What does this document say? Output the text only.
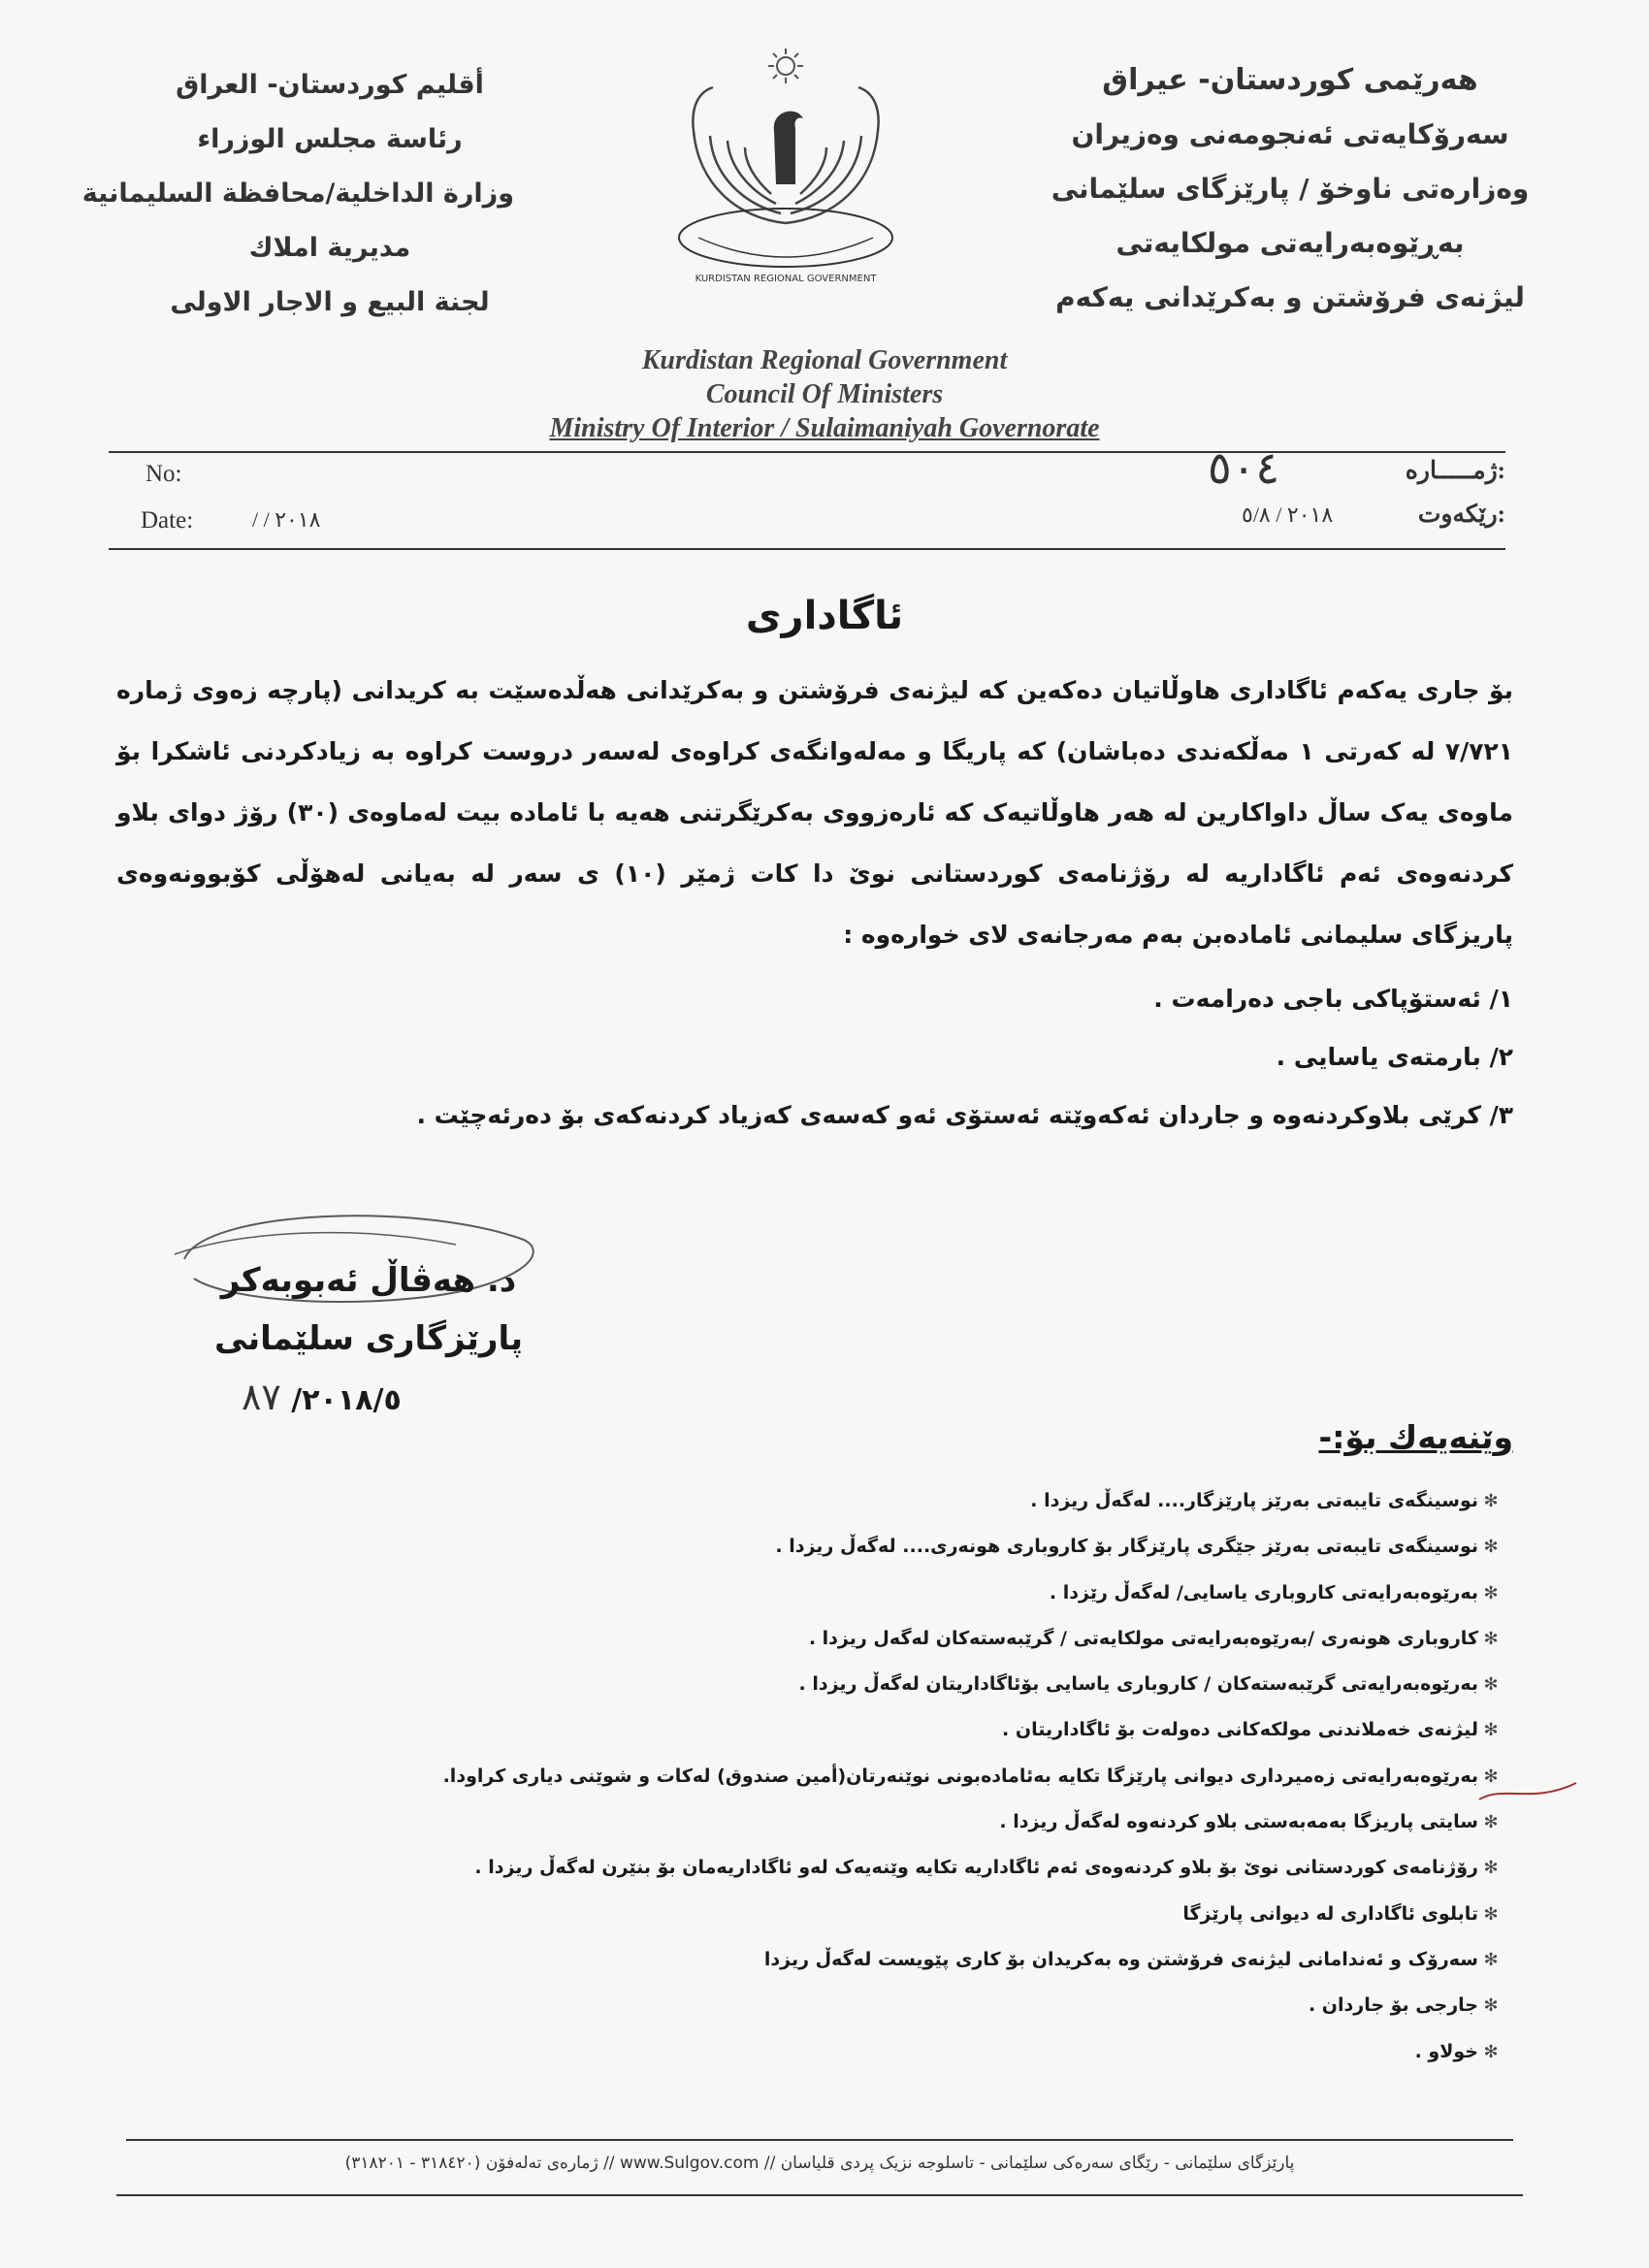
أقليم كوردستان- العراق
رئاسة مجلس الوزراء
وزارة الداخلية/محافظة السليمانية
مديرية املاك
لجنة البيع و الاجار الاولى
KURDISTAN REGIONAL GOVERNMENT
هەرێمی کوردستان- عیراق
سەرۆکایەتی ئەنجومەنی وەزیران
وەزارەتی ناوخۆ / پارێزگای سلێمانی
بەڕێوەبەرایەتی مولکایەتی
لیژنەی فرۆشتن و بەکرێدانی یەکەم
Kurdistan Regional Government
Council Of Ministers
Ministry Of Interior / Sulaimaniyah Governorate
No:
Date:	/ / ٢٠١٨
:ژمـــــارە
٥٠٤
:رێکەوت
٢٠١٨ / ٥/٨
ئاگاداری
بۆ جاری یەکەم ئاگاداری هاوڵاتیان دەکەین کە لیژنەی فرۆشتن و بەکرێدانی هەڵدەسێت بە کریدانی (پارچە زەوی ژمارە ٧/٧٢١ لە کەرتی ١ مەڵکەندی دەباشان) کە پاریگا و مەلەوانگەی کراوەی لەسەر دروست کراوە بە زیادکردنی ئاشکرا بۆ ماوەی یەک ساڵ داواکارین لە هەر هاوڵاتیەک کە ئارەزووی بەکرێگرتنی هەیە با ئامادە بیت لەماوەی (٣٠) رۆژ دوای بلاو کردنەوەی ئەم ئاگاداریە لە رۆژنامەی کوردستانی نوێ دا کات ژمێر (١٠) ی سەر لە بەیانی لەهۆڵی کۆبوونەوەی پاریزگای سلیمانی ئامادەبن بەم مەرجانەی لای خوارەوە :
١/ ئەستۆپاکی باجی دەرامەت .
٢/ بارمتەی یاسایی .
٣/ کرێی بلاوکردنەوە و جاردان ئەکەوێتە ئەستۆی ئەو کەسەی کەزیاد کردنەکەی بۆ دەرئەچێت .
د. هەڤاڵ ئەبوبەکر
پارێزگاری سلێمانی
٢٠١٨/٥/ ٨٧
وێنەیەك بۆ:-
✻
نوسینگەی تایبەتی بەرێز پارێزگار.... لەگەڵ ریزدا .
✻
نوسینگەی تایبەتی بەرێز جێگری پارێزگار بۆ کاروباری هونەری.... لەگەڵ ریزدا .
✻
بەرێوەبەرایەتی کاروباری یاسایی/ لەگەڵ رێزدا .
✻
کاروباری هونەری /بەرێوەبەرایەتی مولکایەتی / گرێبەستەکان لەگەل ریزدا .
✻
بەرێوەبەرایەتی گرێبەستەکان / کاروباری یاسایی بۆئاگاداریتان لەگەڵ ریزدا .
✻
لیژنەی خەملاندنی مولکەکانی دەولەت بۆ ئاگاداریتان .
✻
بەرێوەبەرایەتی زەمیرداری دیوانی پارێزگا تکایە بەئامادەبونی نوێنەرتان(أمین صندوق) لەکات و شوێنی دیاری کراودا.
✻
سایتی پاریزگا بەمەبەستی بلاو کردنەوە لەگەڵ ریزدا .
✻
رۆژنامەی کوردستانی نوێ بۆ بلاو کردنەوەی ئەم ئاگاداریە تکایە وێنەیەک لەو ئاگاداریەمان بۆ بنێرن لەگەڵ ریزدا .
✻
تابلوی ئاگاداری لە دیوانی پارێزگا
✻
سەرۆک و ئەندامانی لیژنەی فرۆشتن وە بەکریدان بۆ کاری پێویست لەگەڵ ریزدا
✻
جارجی بۆ جاردان .
✻
خولاو .
پارێزگای سلێمانی - رێگای سەرەکی سلێمانی - تاسلوجە نزیک پردی قلیاسان // www.Sulgov.com // ژمارەی تەلەفۆن (٣١٨٤٢٠ - ٣١٨٢٠١)
